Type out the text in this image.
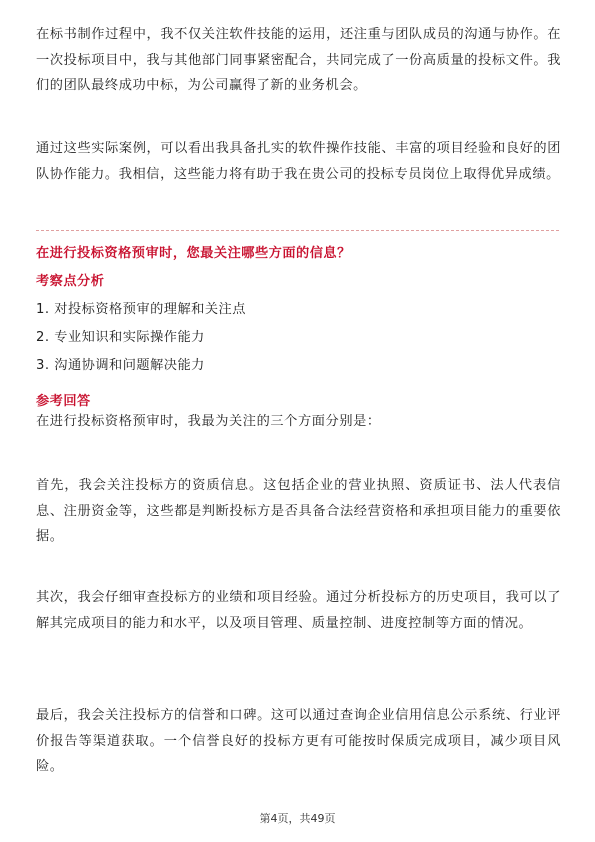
在标书制作过程中，我不仅关注软件技能的运用，还注重与团队成员的沟通与协作。在一次投标项目中，我与其他部门同事紧密配合，共同完成了一份高质量的投标文件。我们的团队最终成功中标，为公司赢得了新的业务机会。

通过这些实际案例，可以看出我具备扎实的软件操作技能、丰富的项目经验和良好的团队协作能力。我相信，这些能力将有助于我在贵公司的投标专员岗位上取得优异成绩。

在进行投标资格预审时，您最关注哪些方面的信息？

考察点分析

1. 对投标资格预审的理解和关注点

2. 专业知识和实际操作能力

3. 沟通协调和问题解决能力

参考回答

在进行投标资格预审时，我最为关注的三个方面分别是：

首先，我会关注投标方的资质信息。这包括企业的营业执照、资质证书、法人代表信息、注册资金等，这些都是判断投标方是否具备合法经营资格和承担项目能力的重要依据。

其次，我会仔细审查投标方的业绩和项目经验。通过分析投标方的历史项目，我可以了解其完成项目的能力和水平，以及项目管理、质量控制、进度控制等方面的情况。

最后，我会关注投标方的信誉和口碑。这可以通过查询企业信用信息公示系统、行业评价报告等渠道获取。一个信誉良好的投标方更有可能按时保质完成项目，减少项目风险。

第4页，共49页
